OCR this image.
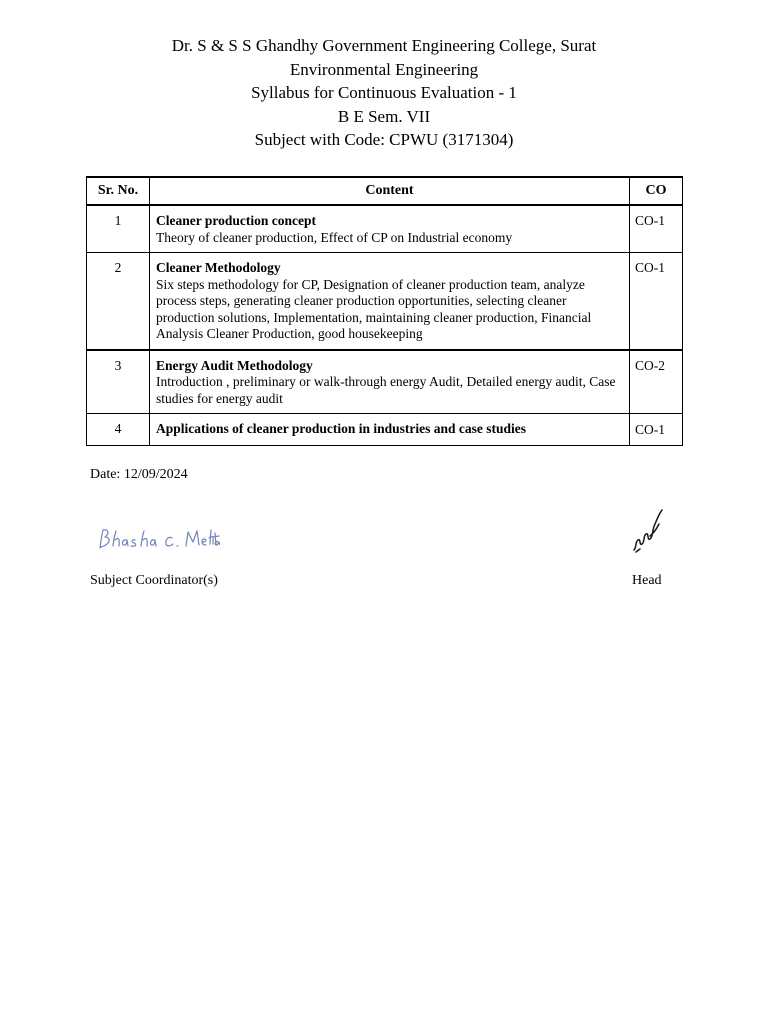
Dr. S & S S Ghandhy Government Engineering College, Surat
Environmental Engineering
Syllabus for Continuous Evaluation - 1
B E Sem. VII
Subject with Code: CPWU (3171304)
Sr. No.	Content	CO
1	Cleaner production concept
Theory of cleaner production, Effect of CP on Industrial economy	CO-1
2	Cleaner Methodology
Six steps methodology for CP, Designation of cleaner production team, analyze process steps, generating cleaner production opportunities, selecting cleaner production solutions, Implementation, maintaining cleaner production, Financial Analysis Cleaner Production, good housekeeping	CO-1
3	Energy Audit Methodology
Introduction , preliminary or walk-through energy Audit, Detailed energy audit, Case studies for energy audit	CO-2
4	Applications of cleaner production in industries and case studies	CO-1
Date: 12/09/2024
Subject Coordinator(s)	Head
